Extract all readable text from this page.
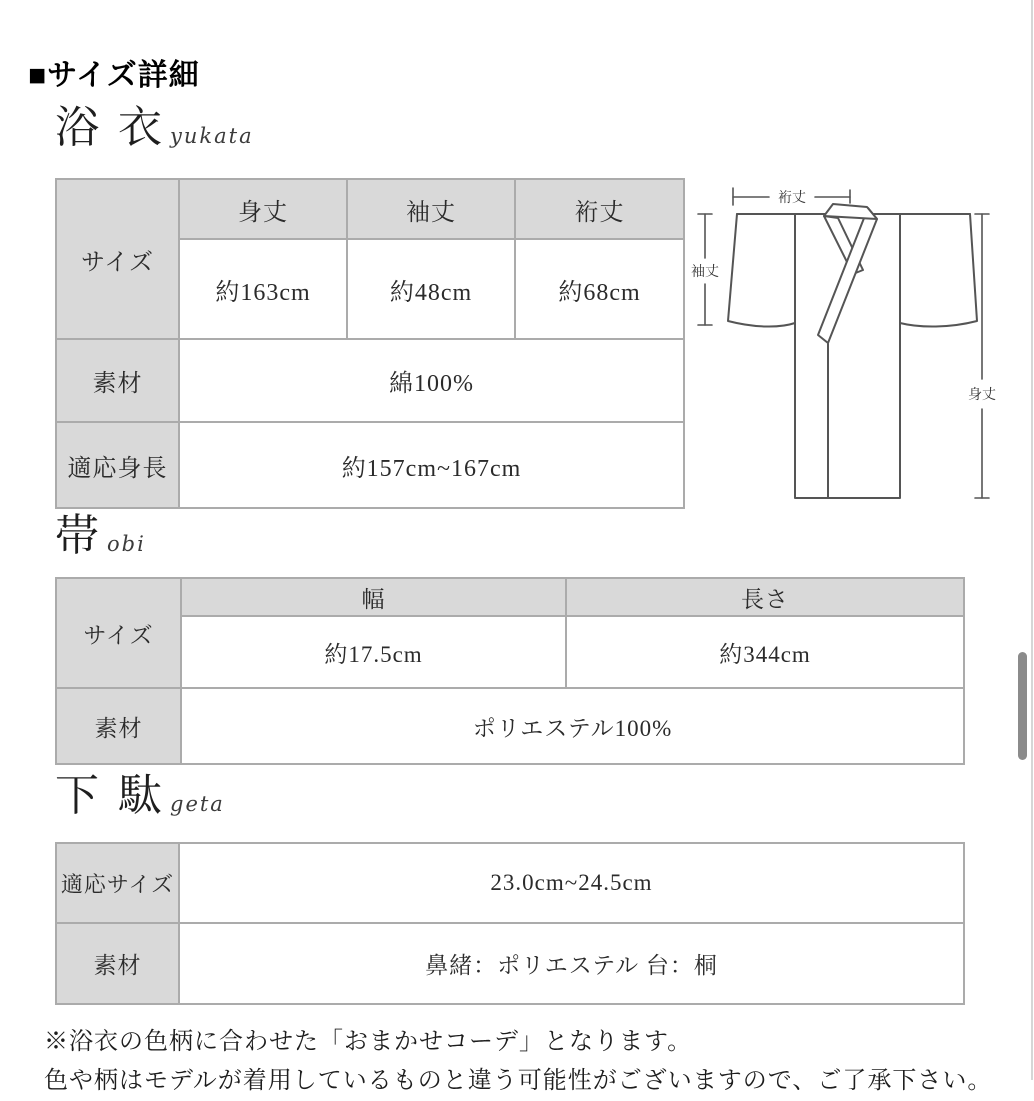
■サイズ詳細
浴 衣 yukata
サイズ	身丈	袖丈	裄丈
	約163cm	約48cm	約68cm
素材	綿100%		
適応身長	約157cm~167cm		
裄丈
袖丈
身丈
帯 obi
サイズ	幅	長さ
	約17.5cm	約344cm
素材	ポリエステル100%	
下 駄 geta
適応サイズ	23.0cm~24.5cm
素材	鼻緒：ポリエステル 台：桐
※浴衣の色柄に合わせた「おまかせコーデ」となります。
色や柄はモデルが着用しているものと違う可能性がございますので、ご了承下さい。
